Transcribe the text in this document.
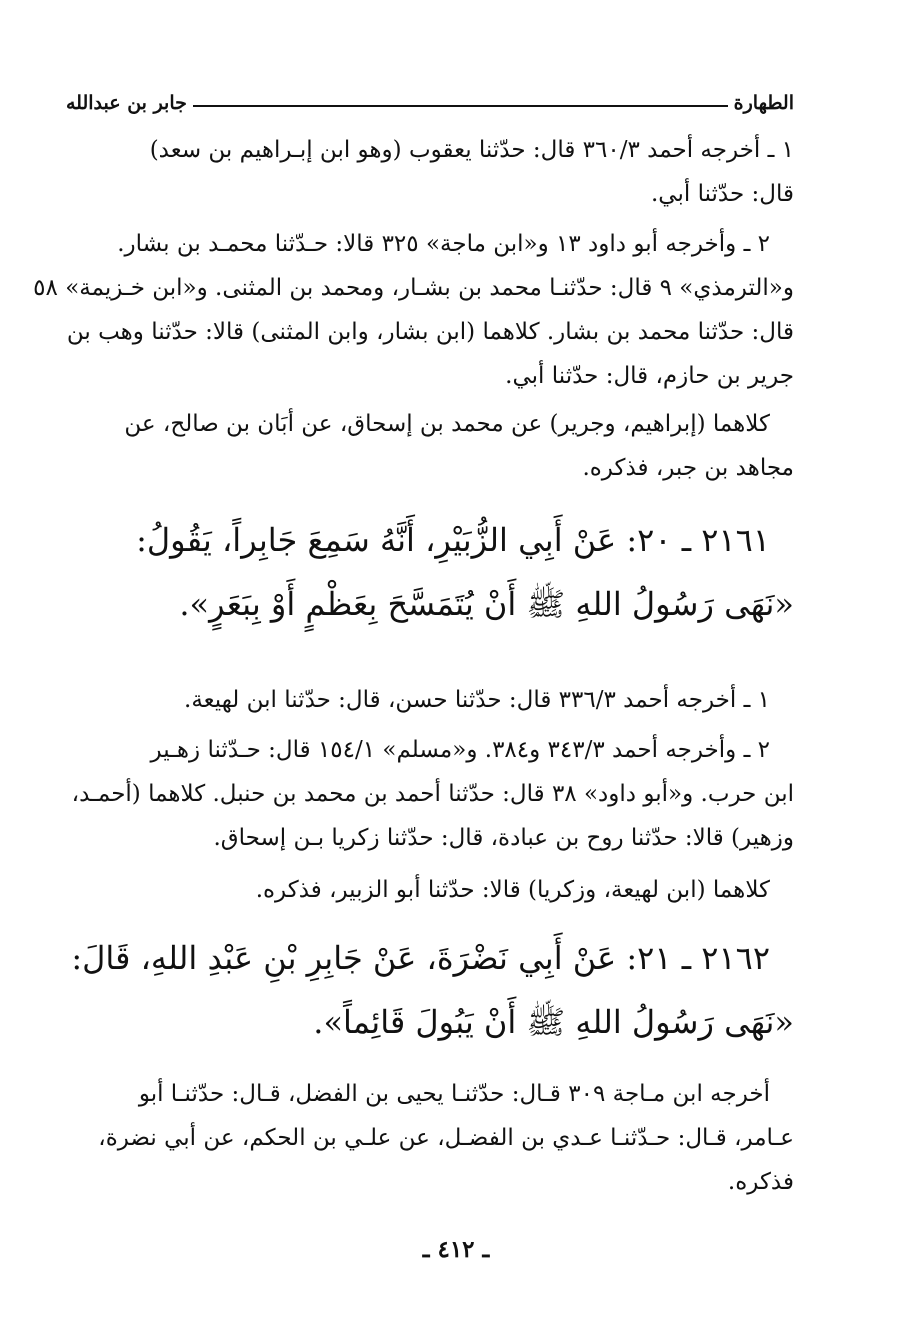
الطهارة
جابر بن عبدالله
١ ـ أخرجه أحمد ٣٦٠/٣ قال: حدّثنا يعقوب (وهو ابن إبـراهيم بن سعد)
قال: حدّثنا أبي.
٢ ـ وأخرجه أبو داود ١٣ و«ابن ماجة» ٣٢٥ قالا: حـدّثنا محمـد بن بشار.
و«الترمذي» ٩ قال: حدّثنـا محمد بن بشـار، ومحمد بن المثنى. و«ابن خـزيمة» ٥٨
قال: حدّثنا محمد بن بشار. كلاهما (ابن بشار، وابن المثنى) قالا: حدّثنا وهب بن
جرير بن حازم، قال: حدّثنا أبي.
كلاهما (إبراهيم، وجرير) عن محمد بن إسحاق، عن أبَان بن صالح، عن
مجاهد بن جبر، فذكره.
٢١٦١ ـ ٢٠: عَنْ أَبِي الزُّبَيْرِ، أَنَّهُ سَمِعَ جَابِراً، يَقُولُ:
«نَهَى رَسُولُ اللهِ ﷺ أَنْ يُتَمَسَّحَ بِعَظْمٍ أَوْ بِبَعَرٍ».
١ ـ أخرجه أحمد ٣٣٦/٣ قال: حدّثنا حسن، قال: حدّثنا ابن لهيعة.
٢ ـ وأخرجه أحمد ٣٤٣/٣ و٣٨٤. و«مسلم» ١٥٤/١ قال: حـدّثنا زهـير
ابن حرب. و«أبو داود» ٣٨ قال: حدّثنا أحمد بن محمد بن حنبل. كلاهما (أحمـد،
وزهير) قالا: حدّثنا روح بن عبادة، قال: حدّثنا زكريا بـن إسحاق.
كلاهما (ابن لهيعة، وزكريا) قالا: حدّثنا أبو الزبير، فذكره.
٢١٦٢ ـ ٢١: عَنْ أَبِي نَضْرَةَ، عَنْ جَابِرِ بْنِ عَبْدِ اللهِ، قَالَ:
«نَهَى رَسُولُ اللهِ ﷺ أَنْ يَبُولَ قَائِماً».
أخرجه ابن مـاجة ٣٠٩ قـال: حدّثنـا يحيى بن الفضل، قـال: حدّثنـا أبو
عـامر، قـال: حـدّثنـا عـدي بن الفضـل، عن علـي بن الحكم، عن أبي نضرة،
فذكره.
ـ ٤١٢ ـ
